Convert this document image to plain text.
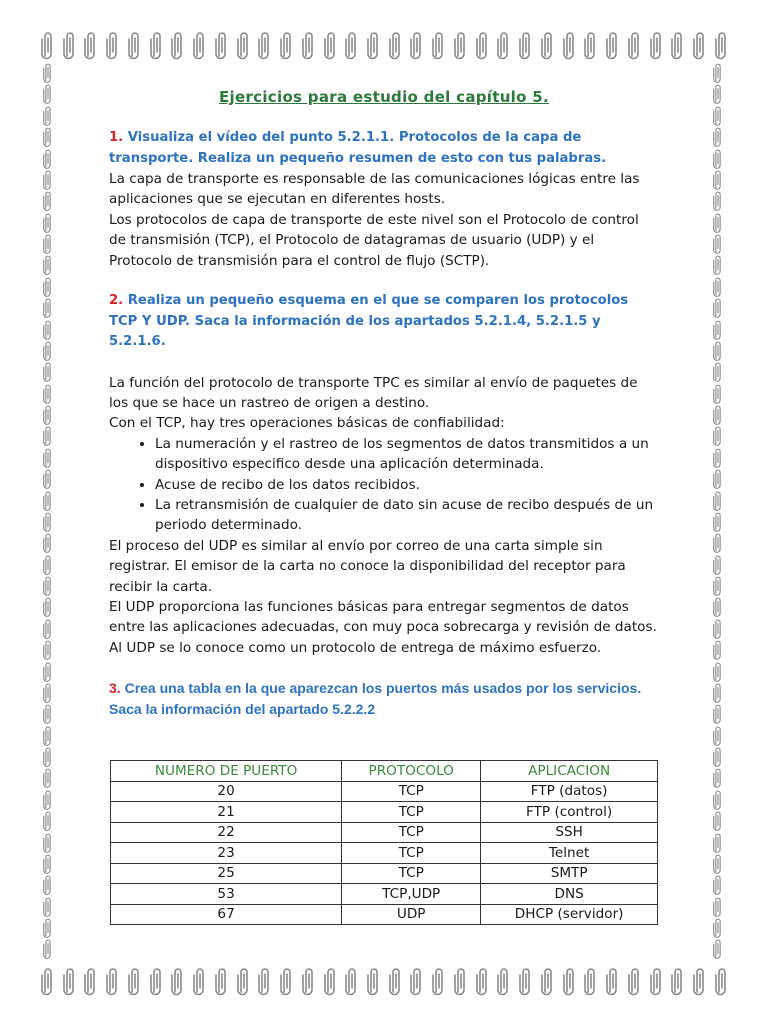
Ejercicios para estudio del capítulo 5.

1. Visualiza el vídeo del punto 5.2.1.1. Protocolos de la capa de transporte. Realiza un pequeño resumen de esto con tus palabras.

La capa de transporte es responsable de las comunicaciones lógicas entre las aplicaciones que se ejecutan en diferentes hosts.

Los protocolos de capa de transporte de este nivel son el Protocolo de control de transmisión (TCP), el Protocolo de datagramas de usuario (UDP) y el Protocolo de transmisión para el control de flujo (SCTP).

2. Realiza un pequeño esquema en el que se comparen los protocolos TCP Y UDP. Saca la información de los apartados 5.2.1.4, 5.2.1.5 y 5.2.1.6.

La función del protocolo de transporte TPC es similar al envío de paquetes de los que se hace un rastreo de origen a destino.

Con el TCP, hay tres operaciones básicas de confiabilidad:

• La numeración y el rastreo de los segmentos de datos transmitidos a un dispositivo especifico desde una aplicación determinada.
• Acuse de recibo de los datos recibidos.
• La retransmisión de cualquier de dato sin acuse de recibo después de un periodo determinado.

El proceso del UDP es similar al envío por correo de una carta simple sin registrar. El emisor de la carta no conoce la disponibilidad del receptor para recibir la carta.

El UDP proporciona las funciones básicas para entregar segmentos de datos entre las aplicaciones adecuadas, con muy poca sobrecarga y revisión de datos. Al UDP se lo conoce como un protocolo de entrega de máximo esfuerzo.

3. Crea una tabla en la que aparezcan los puertos más usados por los servicios. Saca la información del apartado 5.2.2.2

NUMERO DE PUERTO	PROTOCOLO	APLICACION
20	TCP	FTP (datos)
21	TCP	FTP (control)
22	TCP	SSH
23	TCP	Telnet
25	TCP	SMTP
53	TCP,UDP	DNS
67	UDP	DHCP (servidor)
